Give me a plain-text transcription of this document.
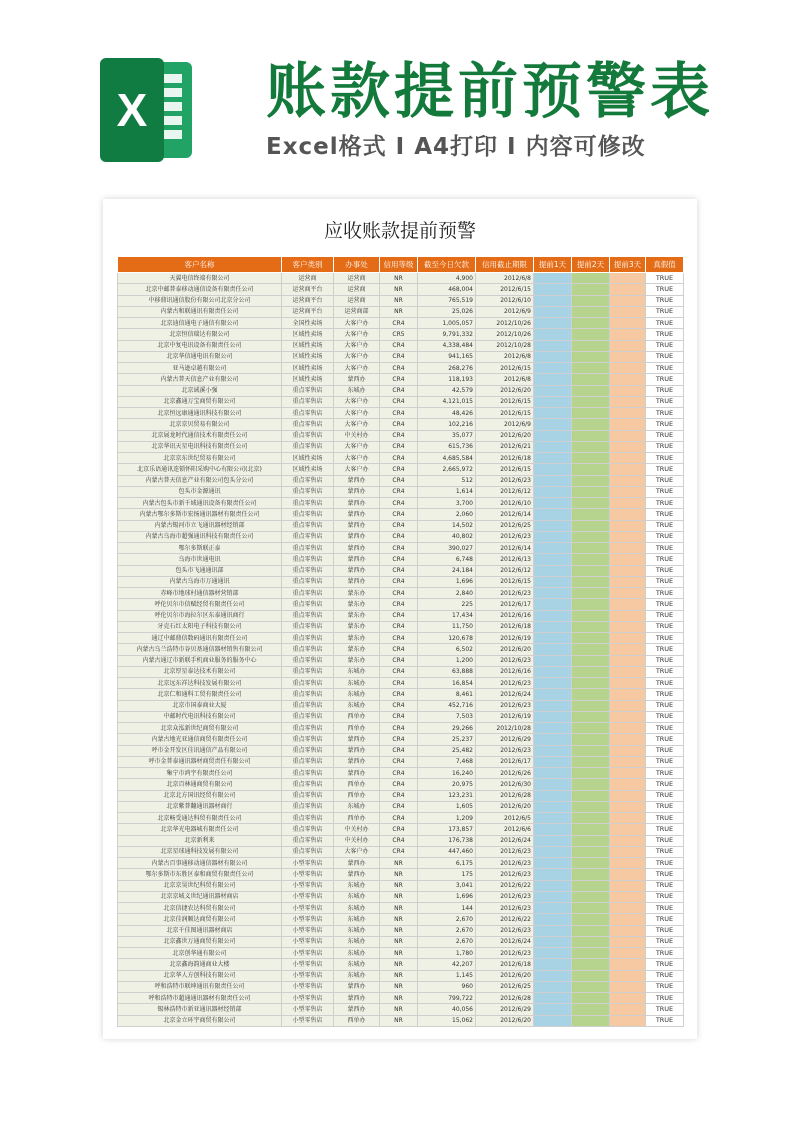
X 账款提前预警表
Excel格式 I A4打印 I 内容可修改
应收账款提前预警
客户名称	客户类别	办事处	信用等级	截至今日欠款	信用截止期限	提前1天	提前2天	提前3天	真假值
天翼电信终端有限公司	运营商	运营商	NR	4,900	2012/6/8				TRUE
北京中邮普泰移动通信设备有限责任公司	运营商平台	运营商	NR	468,004	2012/6/15				TRUE
中移鼎讯通信股份有限公司北京分公司	运营商平台	运营商	NR	765,519	2012/6/10				TRUE
内蒙古和联通讯有限责任公司	运营商平台	运营商部	NR	25,026	2012/6/9				TRUE
北京迪信通电子通信有限公司	全国性卖场	大客户办	CR4	1,005,057	2012/10/26				TRUE
北京恒信瑞达有限公司	区域性卖场	大客户办	CR5	9,791,332	2012/10/26				TRUE
北京中复电讯设备有限责任公司	区域性卖场	大客户办	CR4	4,338,484	2012/10/28				TRUE
北京华信通电讯有限公司	区域性卖场	大客户办	CR4	941,165	2012/6/8				TRUE
亚马逊卓越有限公司	区域性卖场	大客户办	CR4	268,276	2012/6/15				TRUE
内蒙古普天信息产业有限公司	区域性卖场	蒙西办	CR4	118,193	2012/6/8				TRUE
北京诚溪小强	重点零售店	东城办	CR4	42,579	2012/6/20				TRUE
北京鑫通万宝商贸有限公司	重点零售店	大客户办	CR4	4,121,015	2012/6/15				TRUE
北京恒远康通通讯科技有限公司	重点零售店	大客户办	CR4	48,426	2012/6/15				TRUE
北京京贝贸易有限公司	重点零售店	大客户办	CR4	102,216	2012/6/9				TRUE
北京展龙时代通信技术有限责任公司	重点零售店	中关村办	CR4	35,077	2012/6/20				TRUE
北京华讯天星电讯科技有限责任公司	重点零售店	大客户办	CR4	615,736	2012/6/21				TRUE
北京京东世纪贸易有限公司	区域性卖场	大客户办	CR4	4,685,584	2012/6/18				TRUE
北京乐语通讯连锁怀阳采购中心有限公司(北京)	区域性卖场	大客户办	CR4	2,665,972	2012/6/15				TRUE
内蒙古普天信息产业有限公司包头分公司	重点零售店	蒙西办	CR4	512	2012/6/23				TRUE
包头市金源通讯	重点零售店	蒙西办	CR4	1,614	2012/6/12				TRUE
内蒙古包头市新千域通讯设备有限责任公司	重点零售店	蒙西办	CR4	3,700	2012/6/10				TRUE
内蒙古鄂尔多斯市宏扬通讯器材有限责任公司	重点零售店	蒙西办	CR4	2,060	2012/6/14				TRUE
内蒙古锡河市立飞通讯器材经销部	重点零售店	蒙西办	CR4	14,502	2012/6/25				TRUE
内蒙古乌海市超强通讯科技有限责任公司	重点零售店	蒙西办	CR4	40,802	2012/6/23				TRUE
鄂尔多斯联正泰	重点零售店	蒙西办	CR4	390,027	2012/6/14				TRUE
乌海市世通电讯	重点零售店	蒙西办	CR4	6,748	2012/6/13				TRUE
包头市飞通通讯部	重点零售店	蒙西办	CR4	24,184	2012/6/12				TRUE
内蒙古乌海市万通通讯	重点零售店	蒙西办	CR4	1,696	2012/6/15				TRUE
赤峰市地球村通信器材营销部	重点零售店	蒙东办	CR4	2,840	2012/6/23				TRUE
呼伦贝尔市信赋经贸有限责任公司	重点零售店	蒙东办	CR4	225	2012/6/17				TRUE
呼伦贝尔市海拉尔区东泰通讯商行	重点零售店	蒙东办	CR4	17,434	2012/6/16				TRUE
牙克石红太阳电子科技有限公司	重点零售店	蒙东办	CR4	11,750	2012/6/18				TRUE
通辽中邮鼎信数码通讯有限责任公司	重点零售店	蒙东办	CR4	120,678	2012/6/19				TRUE
内蒙古乌兰浩特市谷贝基通信器材销售有限公司	重点零售店	蒙东办	CR4	6,502	2012/6/20				TRUE
内蒙古通辽市新联手机商业服务的服务中心	重点零售店	蒙东办	CR4	1,200	2012/6/23				TRUE
北京厚星泰达技术有限公司	重点零售店	东城办	CR4	63,888	2012/6/16				TRUE
北京远东祥达科技发展有限公司	重点零售店	东城办	CR4	16,854	2012/6/23				TRUE
北京仁和通科工贸有限责任公司	重点零售店	东城办	CR4	8,461	2012/6/24				TRUE
北京市国泰商业大厦	重点零售店	东城办	CR4	452,716	2012/6/23				TRUE
中邮时代电讯科技有限公司	重点零售店	西单办	CR4	7,503	2012/6/19				TRUE
北京众泓新世纪商贸有限公司	重点零售店	西单办	CR4	29,266	2012/10/28				TRUE
内蒙古地光亚通信商贸有限责任公司	重点零售店	蒙西办	CR4	25,237	2012/6/29				TRUE
呼市金开发区佳讯通信产品有限公司	重点零售店	蒙西办	CR4	25,482	2012/6/23				TRUE
呼市金普泰通讯器材商贸责任有限公司	重点零售店	蒙西办	CR4	7,468	2012/6/17				TRUE
集宁市鸿宇有限责任公司	重点零售店	蒙西办	CR4	16,240	2012/6/26				TRUE
北京百林通商贸有限公司	重点零售店	西单办	CR4	20,975	2012/6/30				TRUE
北京北方国讯经贸有限公司	重点零售店	西单办	CR4	123,231	2012/6/28				TRUE
北京紫普翻通讯器材商行	重点零售店	东城办	CR4	1,605	2012/6/20				TRUE
北京畅受通达科贸有限责任公司	重点零售店	西单办	CR4	1,209	2012/6/5				TRUE
北京华光电器城有限责任公司	重点零售店	中关村办	CR4	173,857	2012/6/6				TRUE
北京新利来	重点零售店	中关村办	CR4	176,738	2012/6/24				TRUE
北京星球通科技发展有限公司	重点零售店	大客户办	CR4	447,460	2012/6/23				TRUE
内蒙古百事通移动通信器材有限公司	小型零售店	蒙西办	NR	6,175	2012/6/23				TRUE
鄂尔多斯市东胜区泰和商贸有限责任公司	小型零售店	蒙西办	NR	175	2012/6/23				TRUE
北京京昊世纪科贸有限公司	小型零售店	东城办	NR	3,041	2012/6/22				TRUE
北京京城义世纪通讯器材商店	小型零售店	东城办	NR	1,696	2012/6/23				TRUE
北京信捷农达科贸有限公司	小型零售店	东城办	NR	144	2012/6/23				TRUE
北京佳润顺达商贸有限公司	小型零售店	东城办	NR	2,670	2012/6/22				TRUE
北京千佳图通讯器材商店	小型零售店	东城办	NR	2,670	2012/6/23				TRUE
北京鑫世万通商贸有限公司	小型零售店	东城办	NR	2,670	2012/6/24				TRUE
北京创华通有限公司	小型零售店	东城办	NR	1,780	2012/6/23				TRUE
北京鑫海韵通商业大楼	小型零售店	东城办	NR	42,207	2012/6/18				TRUE
北京华人方创科技有限公司	小型零售店	东城办	NR	1,145	2012/6/20				TRUE
呼和浩特市联坤通讯有限责任公司	小型零售店	蒙西办	NR	960	2012/6/25				TRUE
呼和浩特市超通通讯器材有限责任公司	小型零售店	蒙西办	NR	799,722	2012/6/28				TRUE
锡林浩特市新亚通讯器材经销部	小型零售店	蒙西办	NR	40,056	2012/6/29				TRUE
北京金立环宇商贸有限公司	小型零售店	西单办	NR	15,062	2012/6/20				TRUE
